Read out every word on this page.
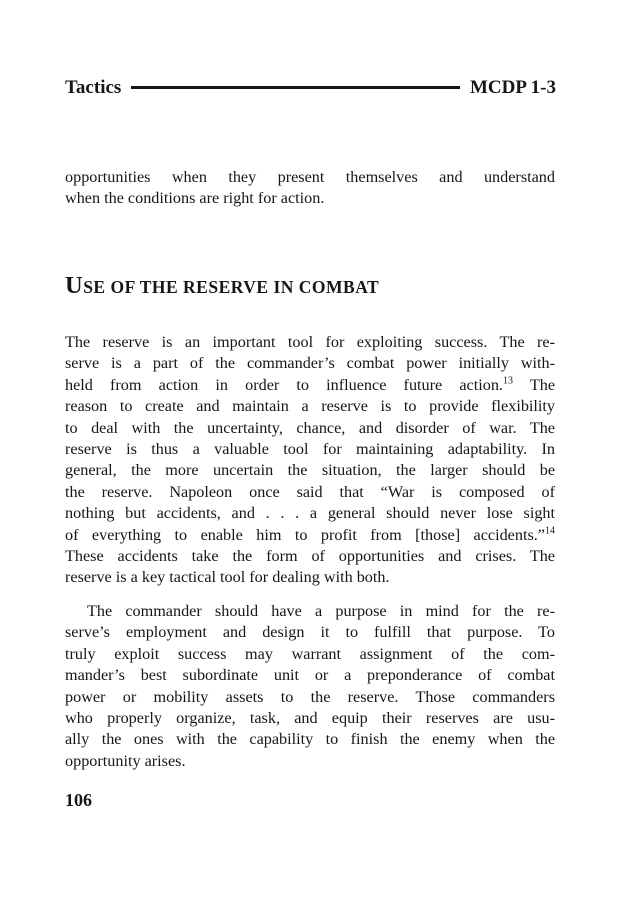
Tactics	MCDP 1-3
opportunities when they present themselves and understand
when the conditions are right for action.
USE OF THE RESERVE IN COMBAT
The reserve is an important tool for exploiting success. The re-
serve is a part of the commander’s combat power initially with-
held from action in order to influence future action.$^{13}$ The
reason to create and maintain a reserve is to provide flexibility
to deal with the uncertainty, chance, and disorder of war. The
reserve is thus a valuable tool for maintaining adaptability. In
general, the more uncertain the situation, the larger should be
the reserve. Napoleon once said that “War is composed of
nothing but accidents, and . . . a general should never lose sight
of everything to enable him to profit from [those] accidents.”$^{14}$
These accidents take the form of opportunities and crises. The
reserve is a key tactical tool for dealing with both.
The commander should have a purpose in mind for the re-
serve’s employment and design it to fulfill that purpose. To
truly exploit success may warrant assignment of the com-
mander’s best subordinate unit or a preponderance of combat
power or mobility assets to the reserve. Those commanders
who properly organize, task, and equip their reserves are usu-
ally the ones with the capability to finish the enemy when the
opportunity arises.
106
